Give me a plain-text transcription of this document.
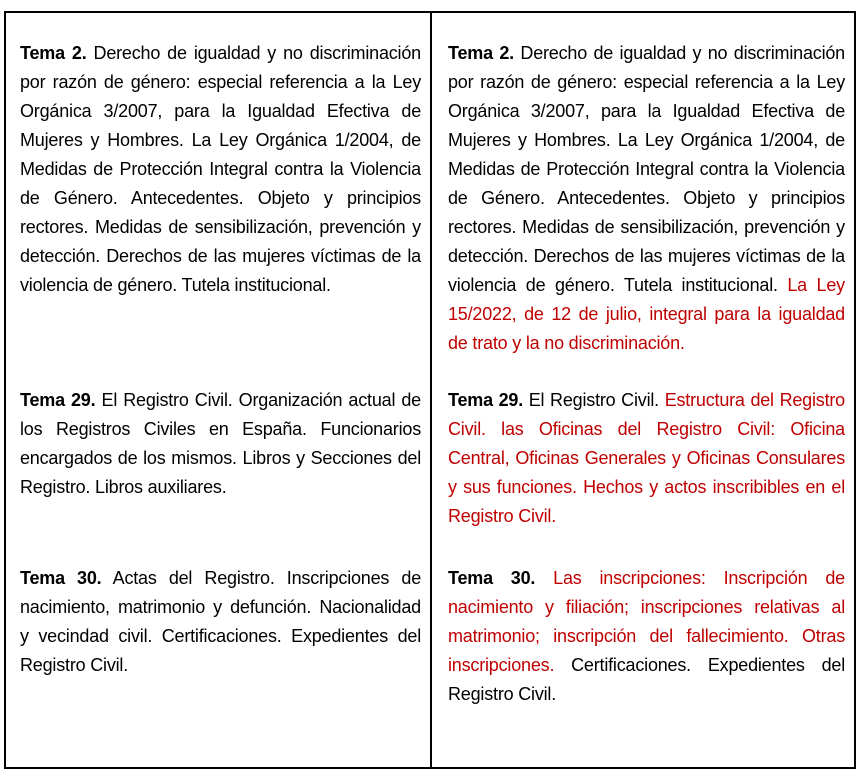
Tema 2. Derecho de igualdad y no discriminación por razón de género: especial referencia a la Ley Orgánica 3/2007, para la Igualdad Efectiva de Mujeres y Hombres. La Ley Orgánica 1/2004, de Medidas de Protección Integral contra la Violencia de Género. Antecedentes. Objeto y principios rectores. Medidas de sensibilización, prevención y detección. Derechos de las mujeres víctimas de la violencia de género. Tutela institucional.

Tema 2. Derecho de igualdad y no discriminación por razón de género: especial referencia a la Ley Orgánica 3/2007, para la Igualdad Efectiva de Mujeres y Hombres. La Ley Orgánica 1/2004, de Medidas de Protección Integral contra la Violencia de Género. Antecedentes. Objeto y principios rectores. Medidas de sensibilización, prevención y detección. Derechos de las mujeres víctimas de la violencia de género. Tutela institucional. La Ley 15/2022, de 12 de julio, integral para la igualdad de trato y la no discriminación.

Tema 29. El Registro Civil. Organización actual de los Registros Civiles en España. Funcionarios encargados de los mismos. Libros y Secciones del Registro. Libros auxiliares.

Tema 29. El Registro Civil. Estructura del Registro Civil. las Oficinas del Registro Civil: Oficina Central, Oficinas Generales y Oficinas Consulares y sus funciones. Hechos y actos inscribibles en el Registro Civil.

Tema 30. Actas del Registro. Inscripciones de nacimiento, matrimonio y defunción. Nacionalidad y vecindad civil. Certificaciones. Expedientes del Registro Civil.

Tema 30. Las inscripciones: Inscripción de nacimiento y filiación; inscripciones relativas al matrimonio; inscripción del fallecimiento. Otras inscripciones. Certificaciones. Expedientes del Registro Civil.
